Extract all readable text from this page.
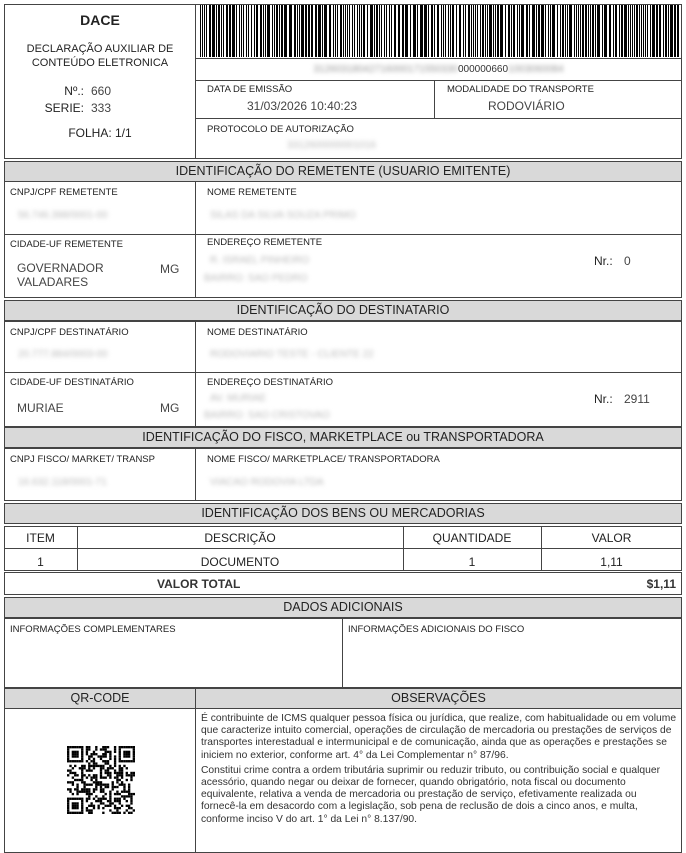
DACE
DECLARAÇÃO AUXILIAR DE CONTEÚDO ELETRONICA
Nº.: 660
SERIE: 333
FOLHA: 1/1
312603180427160001715503300000006601003060084
DATA DE EMISSÃO
31/03/2026 10:40:23
MODALIDADE DO TRANSPORTE
RODOVIÁRIO
PROTOCOLO DE AUTORIZAÇÃO
3312600000001016
IDENTIFICAÇÃO DO REMETENTE (USUARIO EMITENTE)
CNPJ/CPF REMETENTE
56.746.398/0001-00
NOME REMETENTE
SILAS DA SILVA SOUZA PRIMO
CIDADE-UF REMETENTE
GOVERNADOR VALADARES
MG
ENDEREÇO REMETENTE
R. ISRAEL PINHEIRO
BAIRRO: SAO PEDRO
Nr.: 0
IDENTIFICAÇÃO DO DESTINATARIO
CNPJ/CPF DESTINATÁRIO
20.777.884/0003-00
NOME DESTINATÁRIO
RODOVIARIO TESTE - CLIENTE 22
CIDADE-UF DESTINATÁRIO
MURIAE	MG
ENDEREÇO DESTINATÁRIO
AV. MURIAE
BAIRRO: SAO CRISTOVAO
Nr.: 2911
IDENTIFICAÇÃO DO FISCO, MARKETPLACE ou TRANSPORTADORA
CNPJ FISCO/ MARKET/ TRANSP
16.632.118/0001-71
NOME FISCO/ MARKETPLACE/ TRANSPORTADORA
VIACAO RODOVIA LTDA
IDENTIFICAÇÃO DOS BENS OU MERCADORIAS
ITEM	DESCRIÇÃO	QUANTIDADE	VALOR
1	DOCUMENTO	1	1,11
VALOR TOTAL	$1,11
DADOS ADICIONAIS
INFORMAÇÕES COMPLEMENTARES	INFORMAÇÕES ADICIONAIS DO FISCO
QR-CODE	OBSERVAÇÕES

É contribuinte de ICMS qualquer pessoa física ou jurídica, que realize, com habitualidade ou em volume que caracterize intuito comercial, operações de circulação de mercadoria ou prestações de serviços de transportes interestadual e intermunicipal e de comunicação, ainda que as operações e prestações se iniciem no exterior, conforme art. 4° da Lei Complementar n° 87/96.

Constitui crime contra a ordem tributária suprimir ou reduzir tributo, ou contribuição social e qualquer acessório, quando negar ou deixar de fornecer, quando obrigatório, nota fiscal ou documento equivalente, relativa a venda de mercadoria ou prestação de serviço, efetivamente realizada ou fornecê-la em desacordo com a legislação, sob pena de reclusão de dois a cinco anos, e multa, conforme inciso V do art. 1° da Lei n° 8.137/90.
